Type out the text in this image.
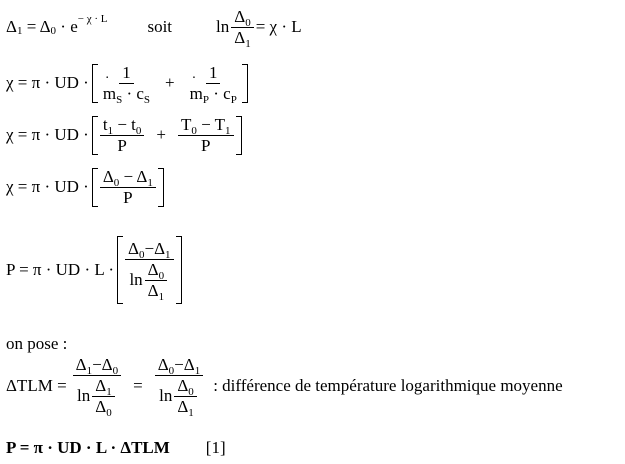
Δ 1 = Δ 0 · e − χ · L soit	$\ln \frac{\Delta_0}{\Delta_1} = \chi \cdot L$
χ = π · UD · 1
· $m_S \cdot c_S + 1$
· $m_P \cdot c_P$
χ = π · UD · $\frac{t_1 - t_0}{P} + \frac{T_0 - T_1}{P}$
χ = π · UD · $\frac{\Delta_0 - \Delta_1}{P}$
P = π · UD · $L \cdot \frac{\Delta_0-\Delta_1}{\ln \frac{\Delta_0}{\Delta_1}}$
on pose :
$\Delta TLM = \frac{\Delta_1-\Delta_0}{\ln \frac{\Delta_1}{\Delta_0}} = \frac{\Delta_0-\Delta_1}{\ln \frac{\Delta_0}{\Delta_1}}$ : différence de température logarithmique moyenne
P = π · UD · L · ΔTLM [1]
